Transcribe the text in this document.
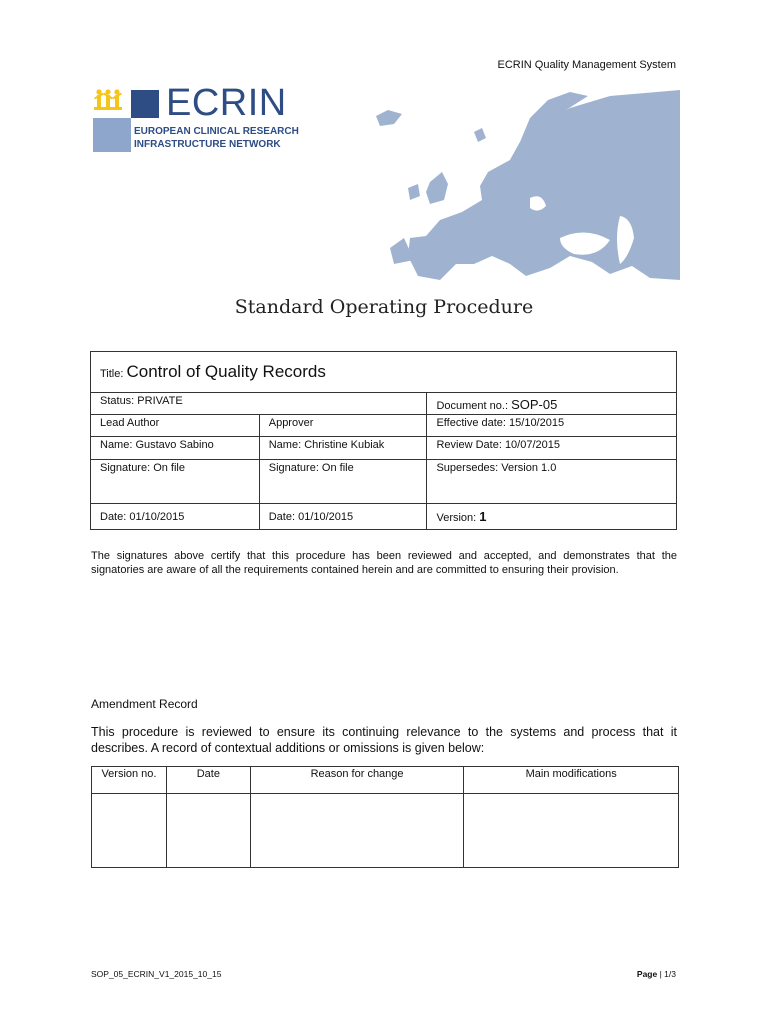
ECRIN Quality Management System
ECRIN
EUROPEAN CLINICAL RESEARCH
INFRASTRUCTURE NETWORK
Standard Operating Procedure
Title: Control of Quality Records		
Status: PRIVATE		Document no.: SOP-05
Lead Author	Approver	Effective date: 15/10/2015
Name: Gustavo Sabino	Name: Christine Kubiak	Review Date: 10/07/2015
Signature: On file	Signature: On file	Supersedes: Version 1.0
Date: 01/10/2015	Date: 01/10/2015	Version: 1
The signatures above certify that this procedure has been reviewed and accepted, and demonstrates that the signatories are aware of all the requirements contained herein and are committed to ensuring their provision.
Amendment Record
This procedure is reviewed to ensure its continuing relevance to the systems and process that it describes. A record of contextual additions or omissions is given below:
Version no.	Date	Reason for change	Main modifications

SOP_05_ECRIN_V1_2015_10_15	Page | 1/3
